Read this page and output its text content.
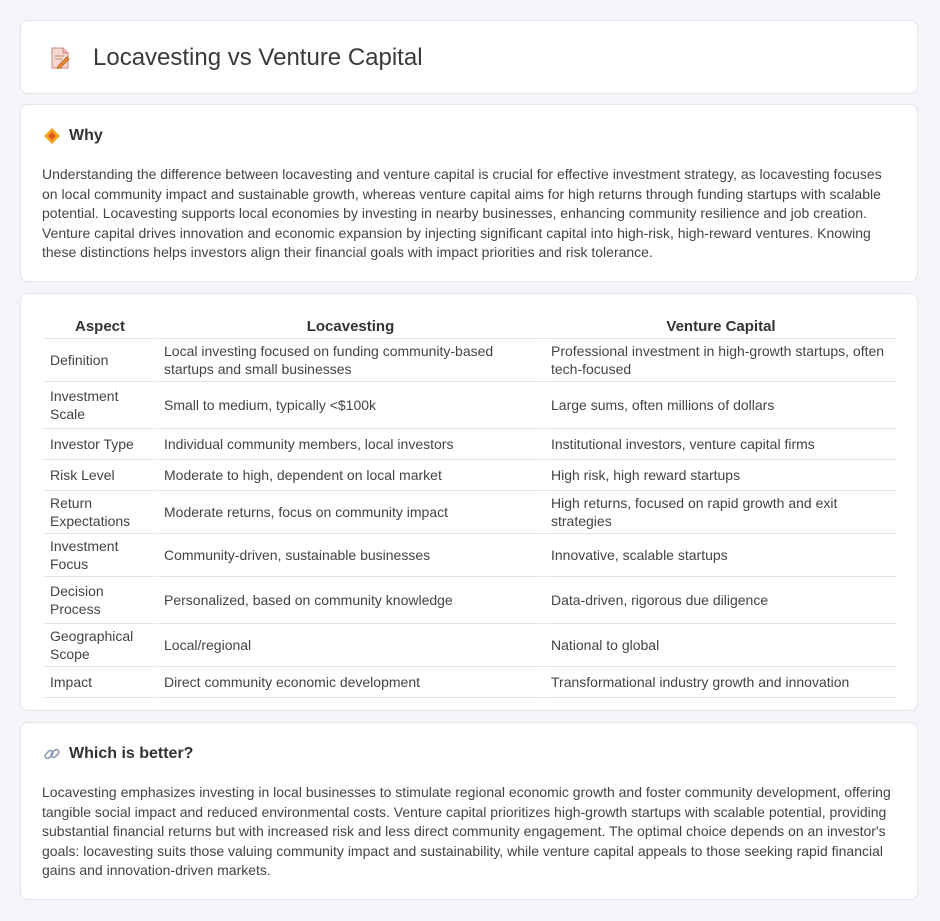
Locavesting vs Venture Capital
Why

Understanding the difference between locavesting and venture capital is crucial for effective investment strategy, as locavesting focuses on local community impact and sustainable growth, whereas venture capital aims for high returns through funding startups with scalable potential. Locavesting supports local economies by investing in nearby businesses, enhancing community resilience and job creation. Venture capital drives innovation and economic expansion by injecting significant capital into high-risk, high-reward ventures. Knowing these distinctions helps investors align their financial goals with impact priorities and risk tolerance.

Aspect	Locavesting	Venture Capital
Definition	Local investing focused on funding community-based startups and small businesses	Professional investment in high-growth startups, often tech-focused
Investment Scale	Small to medium, typically <$100k	Large sums, often millions of dollars
Investor Type	Individual community members, local investors	Institutional investors, venture capital firms
Risk Level	Moderate to high, dependent on local market	High risk, high reward startups
Return Expectations	Moderate returns, focus on community impact	High returns, focused on rapid growth and exit strategies
Investment Focus	Community-driven, sustainable businesses	Innovative, scalable startups
Decision Process	Personalized, based on community knowledge	Data-driven, rigorous due diligence
Geographical Scope	Local/regional	National to global
Impact	Direct community economic development	Transformational industry growth and innovation
Which is better?

Locavesting emphasizes investing in local businesses to stimulate regional economic growth and foster community development, offering tangible social impact and reduced environmental costs. Venture capital prioritizes high-growth startups with scalable potential, providing substantial financial returns but with increased risk and less direct community engagement. The optimal choice depends on an investor's goals: locavesting suits those valuing community impact and sustainability, while venture capital appeals to those seeking rapid financial gains and innovation-driven markets.
